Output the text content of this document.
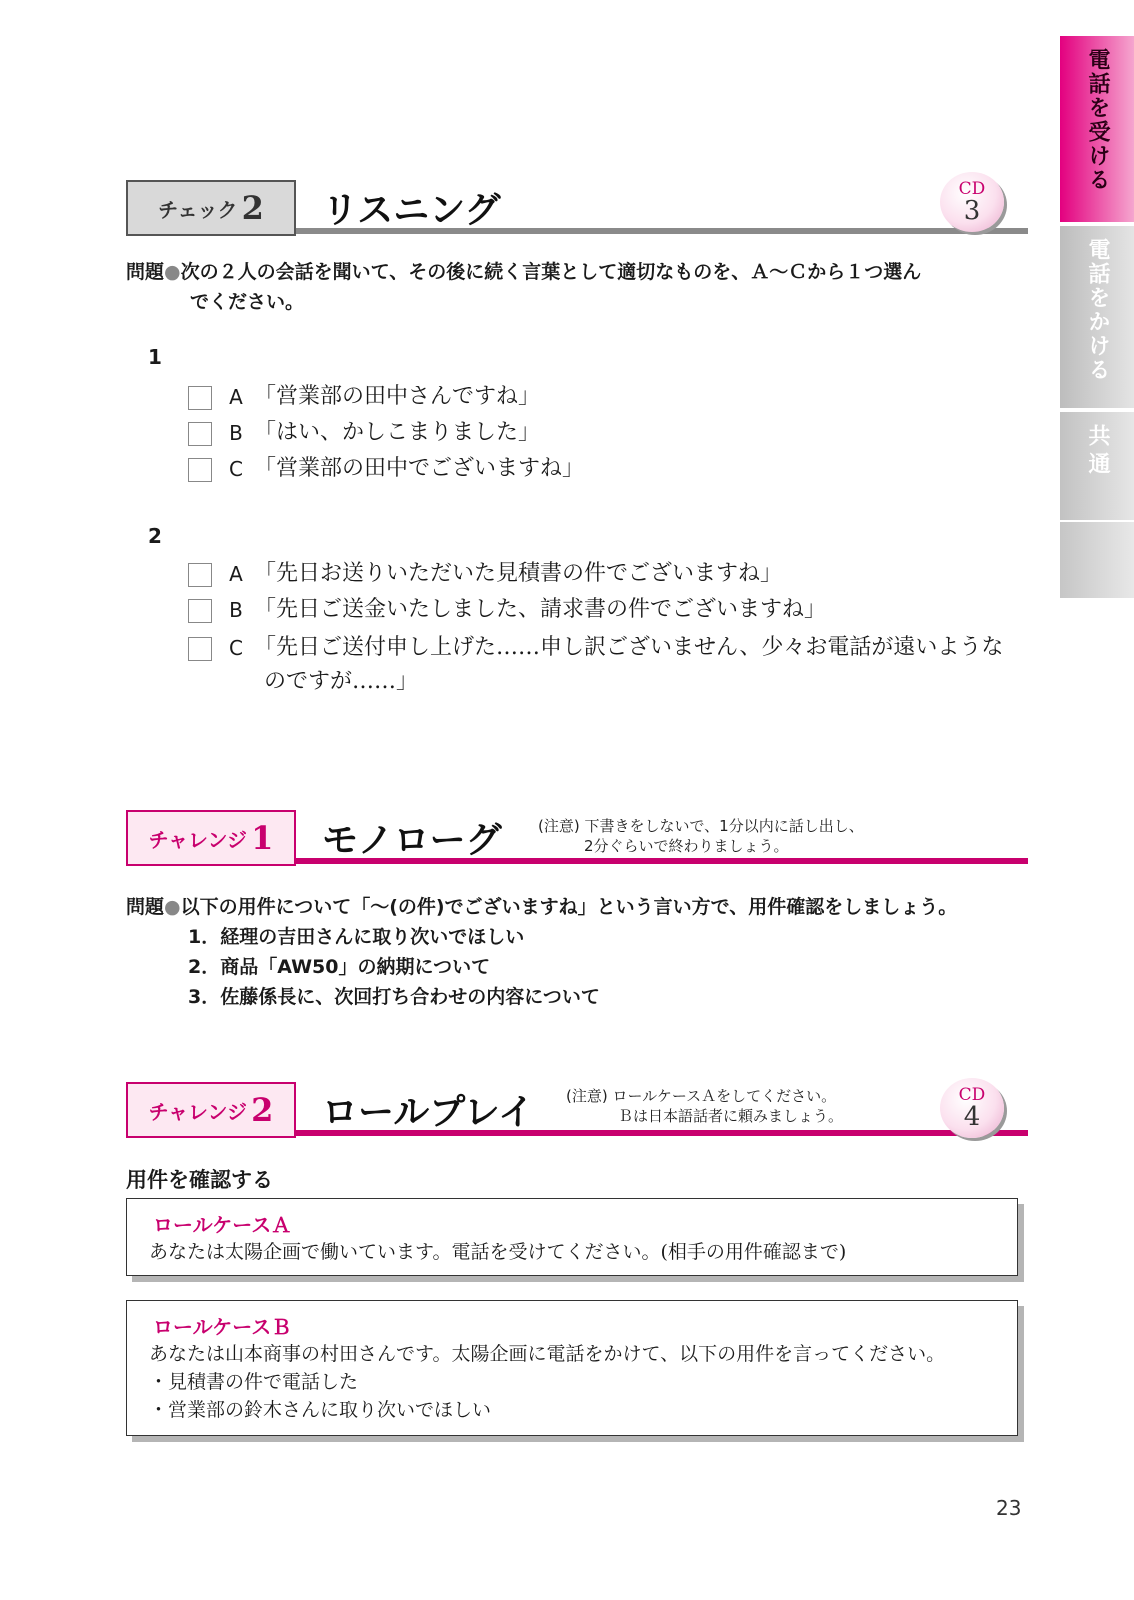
電話を受ける
電話をかける
共通
チェック 2 リスニング
CD
3
問題●次の２人の会話を聞いて、その後に続く言葉として適切なものを、Ａ～Ｃから１つ選ん
でください。
1
A 「営業部の田中さんですね」
B 「はい、かしこまりました」
C 「営業部の田中でございますね」
2
A 「先日お送りいただいた見積書の件でございますね」
B 「先日ご送金いたしました、請求書の件でございますね」
C 「先日ご送付申し上げた……申し訳ございません、少々お電話が遠いような
のですが……」
チャレンジ 1 モノローグ (注意) 下書きをしないで、1分以内に話し出し、
2分ぐらいで終わりましょう。
問題●以下の用件について「～(の件)でございますね」という言い方で、用件確認をしましょう。
1．経理の吉田さんに取り次いでほしい
2．商品「AW50」の納期について
3．佐藤係長に、次回打ち合わせの内容について
チャレンジ 2 ロールプレイ (注意) ロールケースＡをしてください。
Ｂは日本語話者に頼みましょう。
CD
4
用件を確認する
ロールケースＡ
あなたは太陽企画で働いています。電話を受けてください。(相手の用件確認まで)
ロールケースＢ
あなたは山本商事の村田さんです。太陽企画に電話をかけて、以下の用件を言ってください。
・見積書の件で電話した
・営業部の鈴木さんに取り次いでほしい
23
